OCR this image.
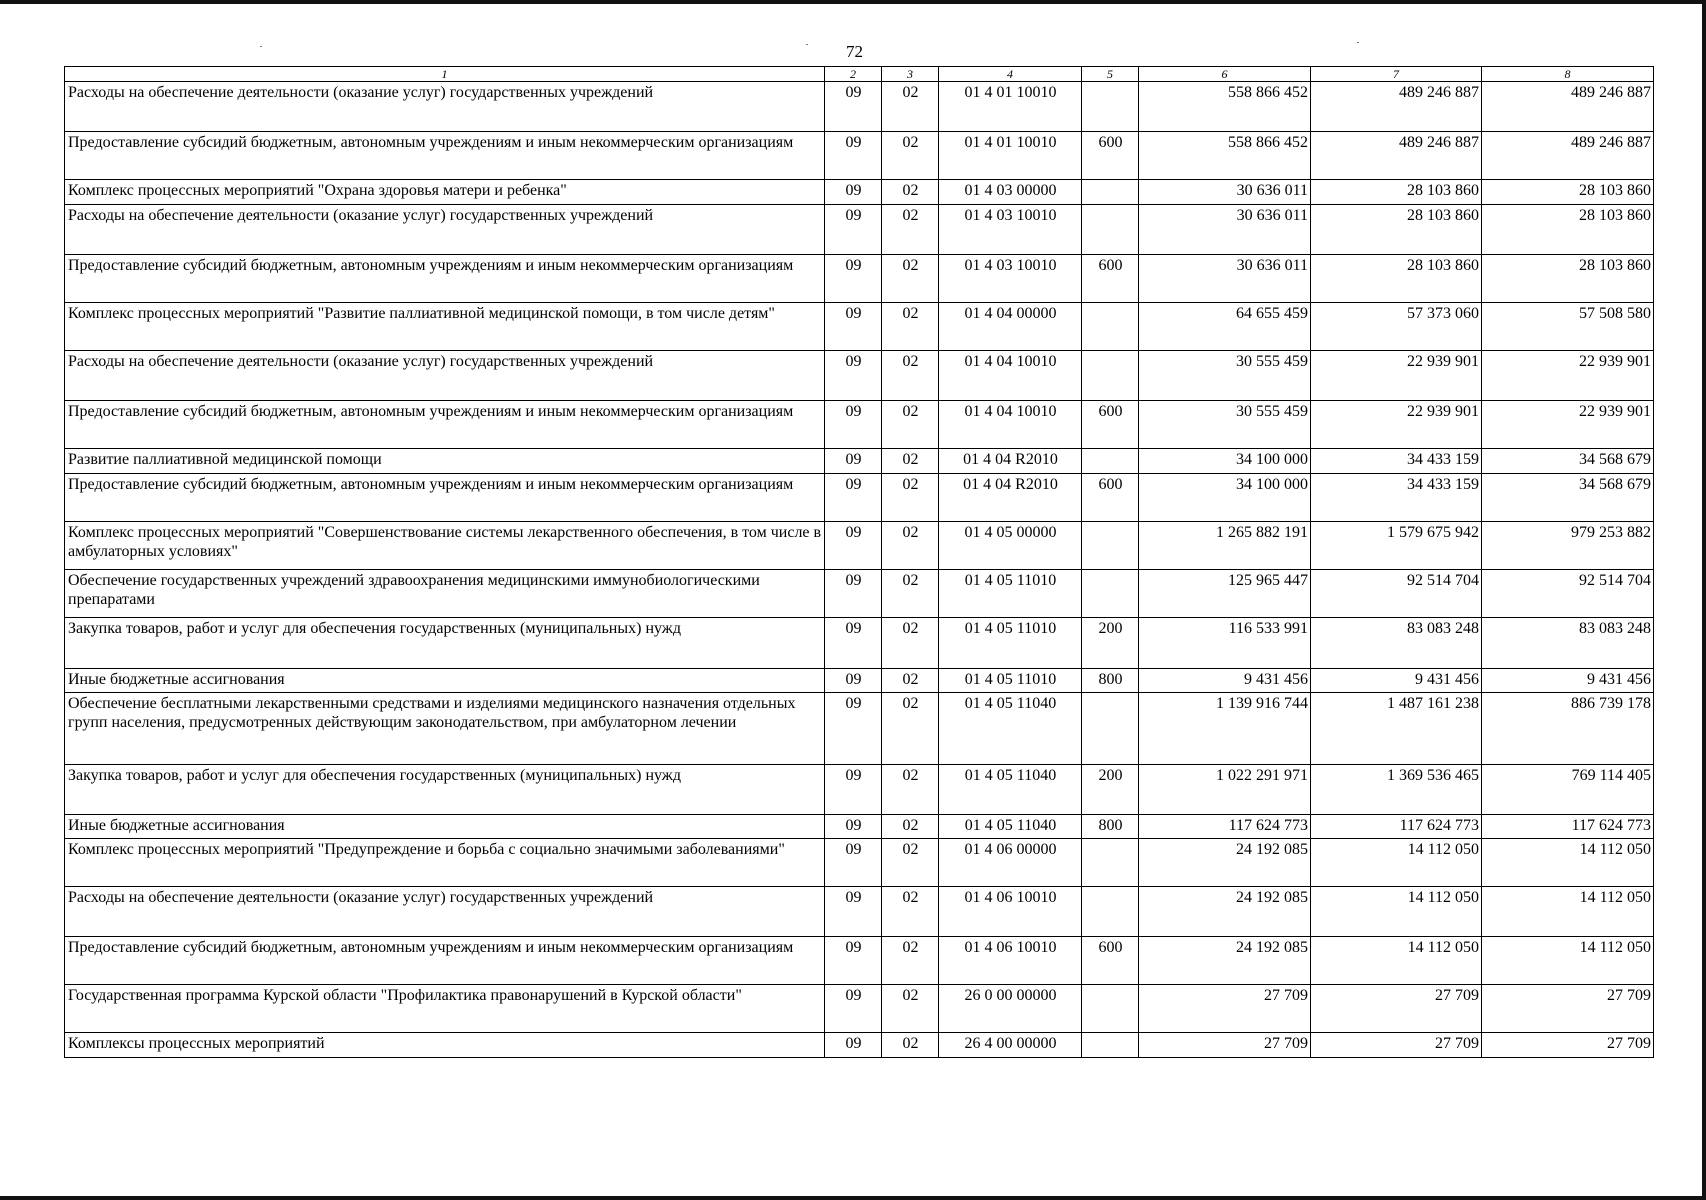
72
1	2	3	4	5	6	7	8
Расходы на обеспечение деятельности (оказание услуг) государственных учреждений	09	02	01 4 01 10010		558 866 452	489 246 887	489 246 887
Предоставление субсидий бюджетным, автономным учреждениям и иным некоммерческим организациям	09	02	01 4 01 10010	600	558 866 452	489 246 887	489 246 887
Комплекс процессных мероприятий "Охрана здоровья матери и ребенка"	09	02	01 4 03 00000		30 636 011	28 103 860	28 103 860
Расходы на обеспечение деятельности (оказание услуг) государственных учреждений	09	02	01 4 03 10010		30 636 011	28 103 860	28 103 860
Предоставление субсидий бюджетным, автономным учреждениям и иным некоммерческим организациям	09	02	01 4 03 10010	600	30 636 011	28 103 860	28 103 860
Комплекс процессных мероприятий "Развитие паллиативной медицинской помощи, в том числе детям"	09	02	01 4 04 00000		64 655 459	57 373 060	57 508 580
Расходы на обеспечение деятельности (оказание услуг) государственных учреждений	09	02	01 4 04 10010		30 555 459	22 939 901	22 939 901
Предоставление субсидий бюджетным, автономным учреждениям и иным некоммерческим организациям	09	02	01 4 04 10010	600	30 555 459	22 939 901	22 939 901
Развитие паллиативной медицинской помощи	09	02	01 4 04 R2010		34 100 000	34 433 159	34 568 679
Предоставление субсидий бюджетным, автономным учреждениям и иным некоммерческим организациям	09	02	01 4 04 R2010	600	34 100 000	34 433 159	34 568 679
Комплекс процессных мероприятий "Совершенствование системы лекарственного обеспечения, в том числе в амбулаторных условиях"	09	02	01 4 05 00000		1 265 882 191	1 579 675 942	979 253 882
Обеспечение государственных учреждений здравоохранения медицинскими иммунобиологическими препаратами	09	02	01 4 05 11010		125 965 447	92 514 704	92 514 704
Закупка товаров, работ и услуг для обеспечения государственных (муниципальных) нужд	09	02	01 4 05 11010	200	116 533 991	83 083 248	83 083 248
Иные бюджетные ассигнования	09	02	01 4 05 11010	800	9 431 456	9 431 456	9 431 456
Обеспечение бесплатными лекарственными средствами и изделиями медицинского назначения отдельных групп населения, предусмотренных действующим законодательством, при амбулаторном лечении	09	02	01 4 05 11040		1 139 916 744	1 487 161 238	886 739 178
Закупка товаров, работ и услуг для обеспечения государственных (муниципальных) нужд	09	02	01 4 05 11040	200	1 022 291 971	1 369 536 465	769 114 405
Иные бюджетные ассигнования	09	02	01 4 05 11040	800	117 624 773	117 624 773	117 624 773
Комплекс процессных мероприятий "Предупреждение и борьба с социально значимыми заболеваниями"	09	02	01 4 06 00000		24 192 085	14 112 050	14 112 050
Расходы на обеспечение деятельности (оказание услуг) государственных учреждений	09	02	01 4 06 10010		24 192 085	14 112 050	14 112 050
Предоставление субсидий бюджетным, автономным учреждениям и иным некоммерческим организациям	09	02	01 4 06 10010	600	24 192 085	14 112 050	14 112 050
Государственная программа Курской области "Профилактика правонарушений в Курской области"	09	02	26 0 00 00000		27 709	27 709	27 709
Комплексы процессных мероприятий	09	02	26 4 00 00000		27 709	27 709	27 709
